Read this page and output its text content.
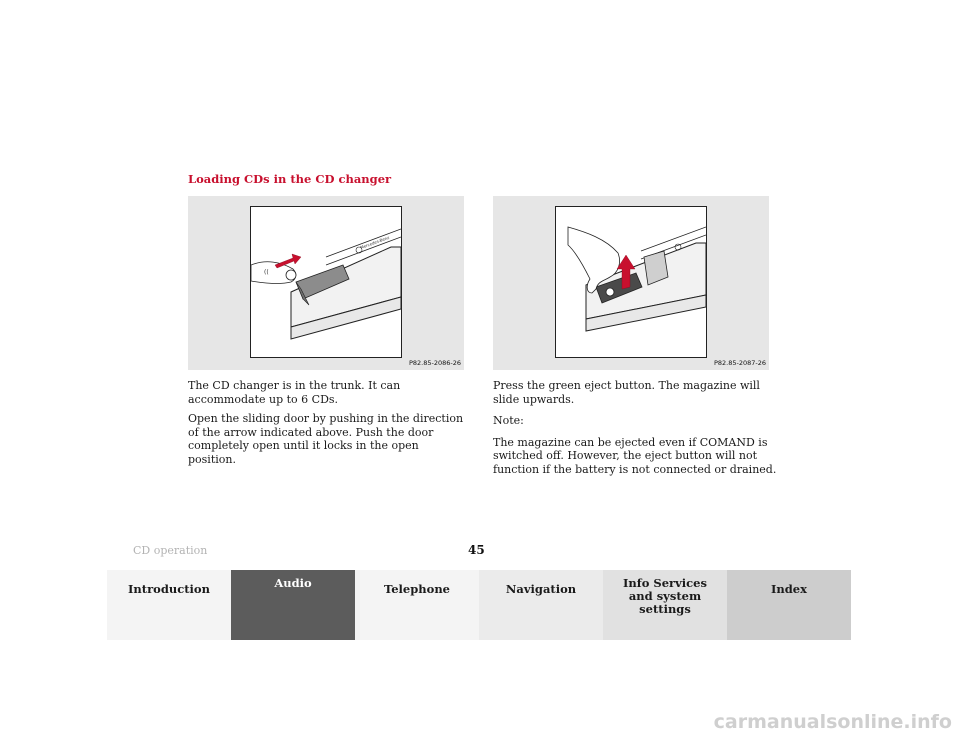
Loading CDs in the CD changer
Mercedes-Benz
((
P82.85-2086-26	P82.85-2087-26

The CD changer is in the trunk. It can accommodate up to 6 CDs.

Open the sliding door by pushing in the direction of the arrow indicated above. Push the door completely open until it locks in the open position.

Press the green eject button. The magazine will slide upwards.

Note:

The magazine can be ejected even if COMAND is switched off. However, the eject button will not function if the battery is not connected or drained.

CD operation	45
Introduction	Audio	Telephone	Navigation	Info Services and system settings
Index
carmanualsonline.info
